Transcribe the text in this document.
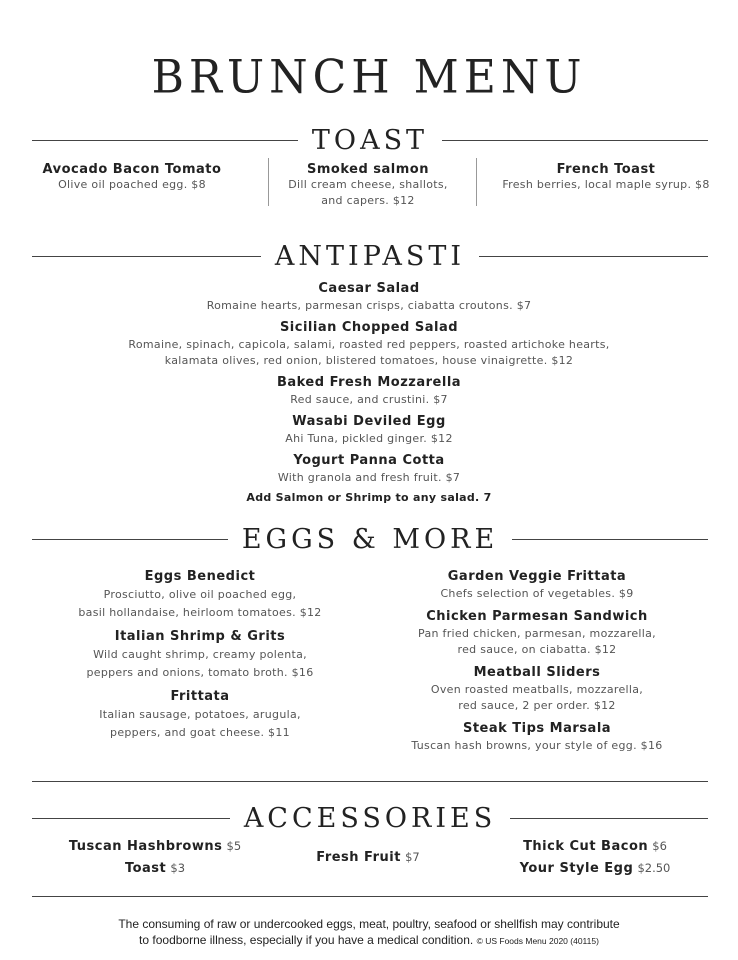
BRUNCH MENU
TOAST
Avocado Bacon Tomato
Olive oil poached egg. $8
Smoked salmon
Dill cream cheese, shallots,
and capers. $12
French Toast
Fresh berries, local maple syrup. $8
ANTIPASTI
Caesar Salad
Romaine hearts, parmesan crisps, ciabatta croutons. $7
Sicilian Chopped Salad
Romaine, spinach, capicola, salami, roasted red peppers, roasted artichoke hearts,
kalamata olives, red onion, blistered tomatoes, house vinaigrette. $12
Baked Fresh Mozzarella
Red sauce, and crustini. $7
Wasabi Deviled Egg
Ahi Tuna, pickled ginger. $12
Yogurt Panna Cotta
With granola and fresh fruit. $7
Add Salmon or Shrimp to any salad. 7
EGGS & MORE
Eggs Benedict
Prosciutto, olive oil poached egg,
basil hollandaise, heirloom tomatoes. $12
Italian Shrimp & Grits
Wild caught shrimp, creamy polenta,
peppers and onions, tomato broth. $16
Frittata
Italian sausage, potatoes, arugula,
peppers, and goat cheese. $11
Garden Veggie Frittata
Chefs selection of vegetables. $9
Chicken Parmesan Sandwich
Pan fried chicken, parmesan, mozzarella,
red sauce, on ciabatta. $12
Meatball Sliders
Oven roasted meatballs, mozzarella,
red sauce, 2 per order. $12
Steak Tips Marsala
Tuscan hash browns, your style of egg. $16
ACCESSORIES
Tuscan Hashbrowns $5
Toast $3
Fresh Fruit $7
Thick Cut Bacon $6
Your Style Egg $2.50
The consuming of raw or undercooked eggs, meat, poultry, seafood or shellfish may contribute
to foodborne illness, especially if you have a medical condition. © US Foods Menu 2020 (40115)
